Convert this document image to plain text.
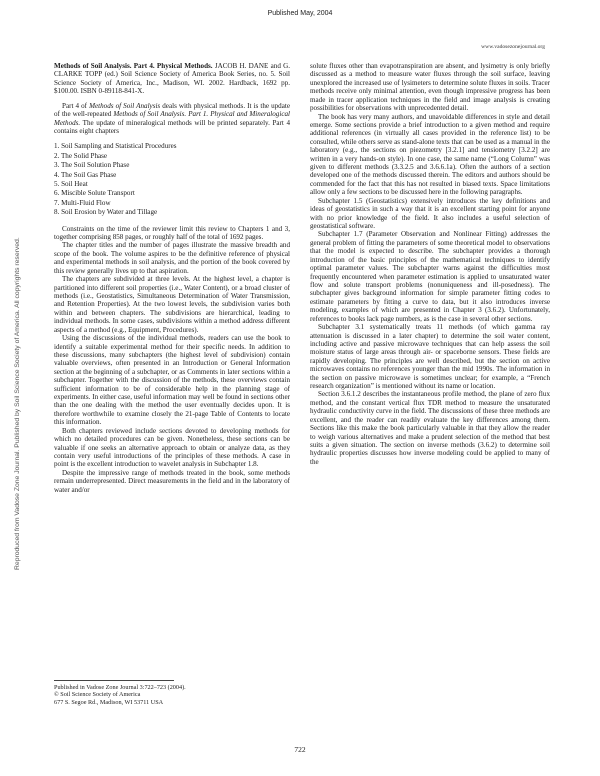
Published May, 2004
www.vadosezonejournal.org
Reproduced from Vadose Zone Journal. Published by Soil Science Society of America. All copyrights reserved.

Methods of Soil Analysis. Part 4. Physical Methods. JACOB H. DANE and G. CLARKE TOPP (ed.) Soil Science Society of America Book Series, no. 5. Soil Science Society of America, Inc., Madison, WI. 2002. Hardback, 1692 pp. $100.00. ISBN 0-89118-841-X.

Part 4 of Methods of Soil Analysis deals with physical methods. It is the update of the well-repeated Methods of Soil Analysis. Part 1. Physical and Mineralogical Methods. The update of mineralogical methods will be printed separately. Part 4 contains eight chapters

1. Soil Sampling and Statistical Procedures
2. The Solid Phase
3. The Soil Solution Phase
4. The Soil Gas Phase
5. Soil Heat
6. Miscible Solute Transport
7. Multi-Fluid Flow
8. Soil Erosion by Water and Tillage

Constraints on the time of the reviewer limit this review to Chapters 1 and 3, together comprising 858 pages, or roughly half of the total of 1692 pages.

The chapter titles and the number of pages illustrate the massive breadth and scope of the book. The volume aspires to be the definitive reference of physical and experimental methods in soil analysis, and the portion of the book covered by this review generally lives up to that aspiration.

The chapters are subdivided at three levels. At the highest level, a chapter is partitioned into different soil properties (i.e., Water Content), or a broad cluster of methods (i.e., Geostatistics, Simultaneous Determination of Water Transmission, and Retention Properties). At the two lowest levels, the subdivision varies both within and between chapters. The subdivisions are hierarchical, leading to individual methods. In some cases, subdivisions within a method address different aspects of a method (e.g., Equipment, Procedures).

Using the discussions of the individual methods, readers can use the book to identify a suitable experimental method for their specific needs. In addition to these discussions, many subchapters (the highest level of subdivision) contain valuable overviews, often presented in an Introduction or General Information section at the beginning of a subchapter, or as Comments in later sections within a subchapter. Together with the discussion of the methods, these overviews contain sufficient information to be of considerable help in the planning stage of experiments. In either case, useful information may well be found in sections other than the one dealing with the method the user eventually decides upon. It is therefore worthwhile to examine closely the 21-page Table of Contents to locate this information.

Both chapters reviewed include sections devoted to developing methods for which no detailed procedures can be given. Nonetheless, these sections can be valuable if one seeks an alternative approach to obtain or analyze data, as they contain very useful introductions of the principles of these methods. A case in point is the excellent introduction to wavelet analysis in Subchapter 1.8.

Despite the impressive range of methods treated in the book, some methods remain underrepresented. Direct measurements in the field and in the laboratory of water and/or

Published in Vadose Zone Journal 3:722–723 (2004).
© Soil Science Society of America
677 S. Segoe Rd., Madison, WI 53711 USA

solute fluxes other than evapotranspiration are absent, and lysimetry is only briefly discussed as a method to measure water fluxes through the soil surface, leaving unexplored the increased use of lysimeters to determine solute fluxes in soils. Tracer methods receive only minimal attention, even though impressive progress has been made in tracer application techniques in the field and image analysis is creating possibilities for observations with unprecedented detail.

The book has very many authors, and unavoidable differences in style and detail emerge. Some sections provide a brief introduction to a given method and require additional references (in virtually all cases provided in the reference list) to be consulted, while others serve as stand-alone texts that can be used as a manual in the laboratory (e.g., the sections on piezometry [3.2.1] and tensiometry [3.2.2] are written in a very hands-on style). In one case, the same name (“Long Column” was given to different methods (3.3.2.5 and 3.6.6.1a). Often the authors of a section developed one of the methods discussed therein. The editors and authors should be commended for the fact that this has not resulted in biased texts. Space limitations allow only a few sections to be discussed here in the following paragraphs.

Subchapter 1.5 (Geostatistics) extensively introduces the key definitions and ideas of geostatistics in such a way that it is an excellent starting point for anyone with no prior knowledge of the field. It also includes a useful selection of geostatistical software.

Subchapter 1.7 (Parameter Observation and Nonlinear Fitting) addresses the general problem of fitting the parameters of some theoretical model to observations that the model is expected to describe. The subchapter provides a thorough introduction of the basic principles of the mathematical techniques to identify optimal parameter values. The subchapter warns against the difficulties most frequently encountered when parameter estimation is applied to unsaturated water flow and solute transport problems (nonuniqueness and ill-posedness). The subchapter gives background information for simple parameter fitting codes to estimate parameters by fitting a curve to data, but it also introduces inverse modeling, examples of which are presented in Chapter 3 (3.6.2). Unfortunately, references to books lack page numbers, as is the case in several other sections.

Subchapter 3.1 systematically treats 11 methods (of which gamma ray attenuation is discussed in a later chapter) to determine the soil water content, including active and passive microwave techniques that can help assess the soil moisture status of large areas through air- or spaceborne sensors. These fields are rapidly developing. The principles are well described, but the section on active microwaves contains no references younger than the mid 1990s. The information in the section on passive microwave is sometimes unclear; for example, a “French research organization” is mentioned without its name or location.

Section 3.6.1.2 describes the instantaneous profile method, the plane of zero flux method, and the constant vertical flux TDR method to measure the unsaturated hydraulic conductivity curve in the field. The discussions of these three methods are excellent, and the reader can readily evaluate the key differences among them. Sections like this make the book particularly valuable in that they allow the reader to weigh various alternatives and make a prudent selection of the method that best suits a given situation. The section on inverse methods (3.6.2) to determine soil hydraulic properties discusses how inverse modeling could be applied to many of the

722
